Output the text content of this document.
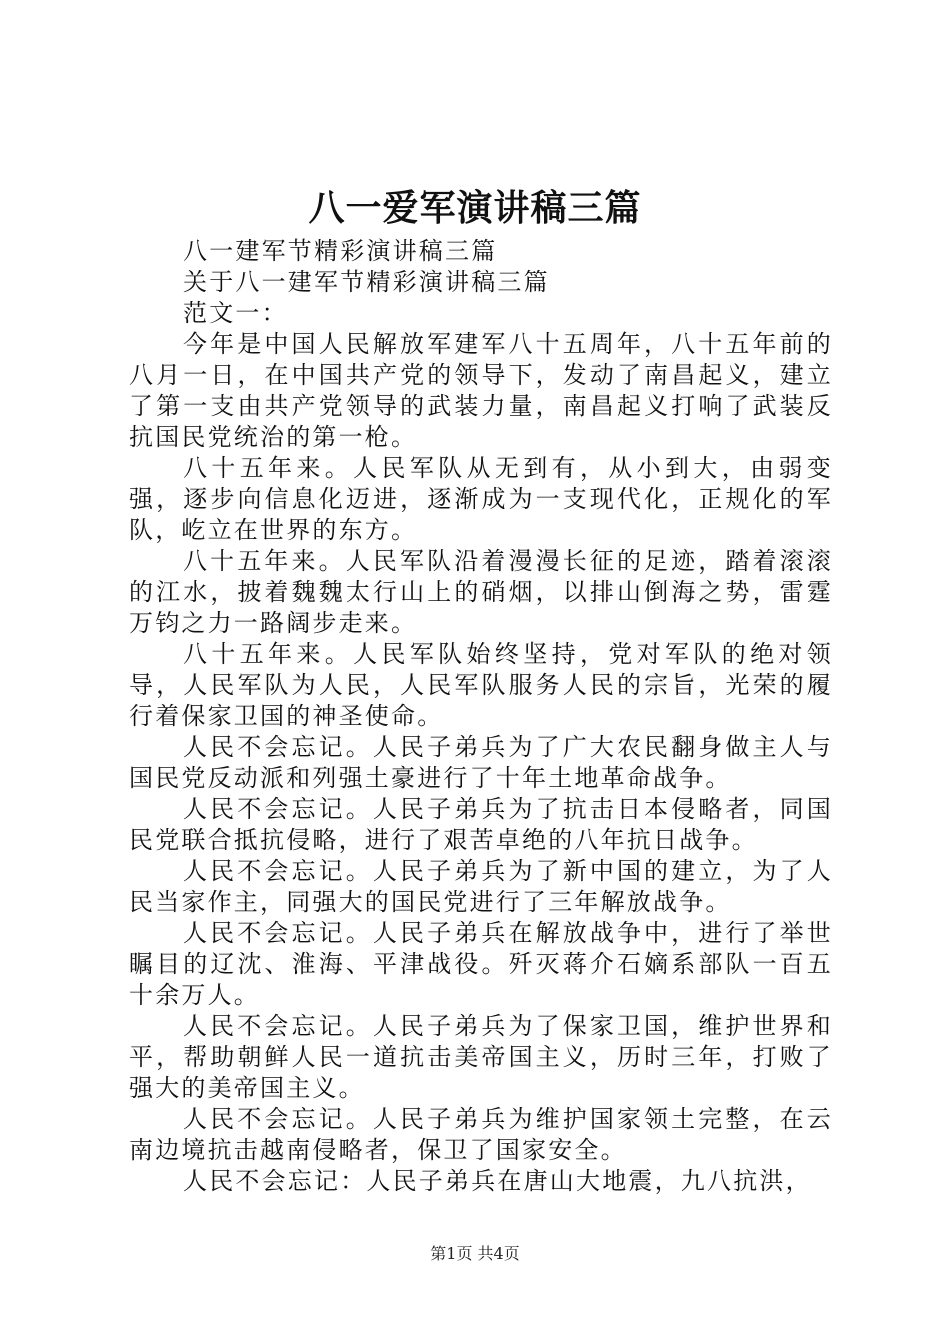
八一爱军演讲稿三篇

八一建军节精彩演讲稿三篇

关于八一建军节精彩演讲稿三篇

范文一：

今年是中国人民解放军建军八十五周年，八十五年前的八月一日，在中国共产党的领导下，发动了南昌起义，建立了第一支由共产党领导的武装力量，南昌起义打响了武装反抗国民党统治的第一枪。

八十五年来。人民军队从无到有，从小到大，由弱变强，逐步向信息化迈进，逐渐成为一支现代化，正规化的军队，屹立在世界的东方。

八十五年来。人民军队沿着漫漫长征的足迹，踏着滚滚的江水，披着魏魏太行山上的硝烟，以排山倒海之势，雷霆万钧之力一路阔步走来。

八十五年来。人民军队始终坚持，党对军队的绝对领导，人民军队为人民，人民军队服务人民的宗旨，光荣的履行着保家卫国的神圣使命。

人民不会忘记。人民子弟兵为了广大农民翻身做主人与国民党反动派和列强土豪进行了十年土地革命战争。

人民不会忘记。人民子弟兵为了抗击日本侵略者，同国民党联合抵抗侵略，进行了艰苦卓绝的八年抗日战争。

人民不会忘记。人民子弟兵为了新中国的建立，为了人民当家作主，同强大的国民党进行了三年解放战争。

人民不会忘记。人民子弟兵在解放战争中，进行了举世瞩目的辽沈、淮海、平津战役。歼灭蒋介石嫡系部队一百五十余万人。

人民不会忘记。人民子弟兵为了保家卫国，维护世界和平，帮助朝鲜人民一道抗击美帝国主义，历时三年，打败了强大的美帝国主义。

人民不会忘记。人民子弟兵为维护国家领土完整，在云南边境抗击越南侵略者，保卫了国家安全。

人民不会忘记：人民子弟兵在唐山大地震，九八抗洪，

第1页 共4页
